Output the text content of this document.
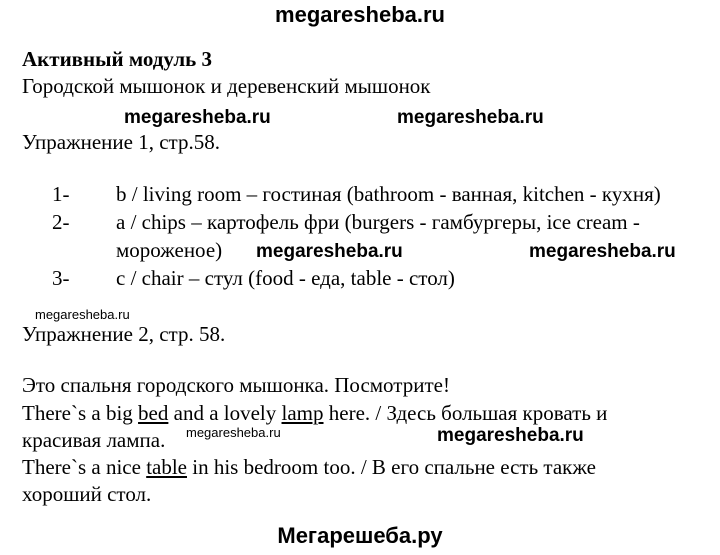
megaresheba.ru
Активный модуль 3
Городской мышонок и деревенский мышонок
megaresheba.ru	megaresheba.ru
Упражнение 1, стр.58.
1- b / living room – гостиная (bathroom - ванная, kitchen - кухня)
2- a / chips – картофель фри (burgers - гамбургеры, ice cream -
мороженое) megaresheba.ru	megaresheba.ru
3- c / chair – стул (food - еда, table - стол)
megaresheba.ru
Упражнение 2, стр. 58.
Это спальня городского мышонка. Посмотрите!
There`s a big bed and a lovely lamp here. / Здесь большая кровать и
красивая лампа. megaresheba.ru	megaresheba.ru
There`s a nice table in his bedroom too. / В его спальне есть также
хороший стол.
Мегарешеба.ру
